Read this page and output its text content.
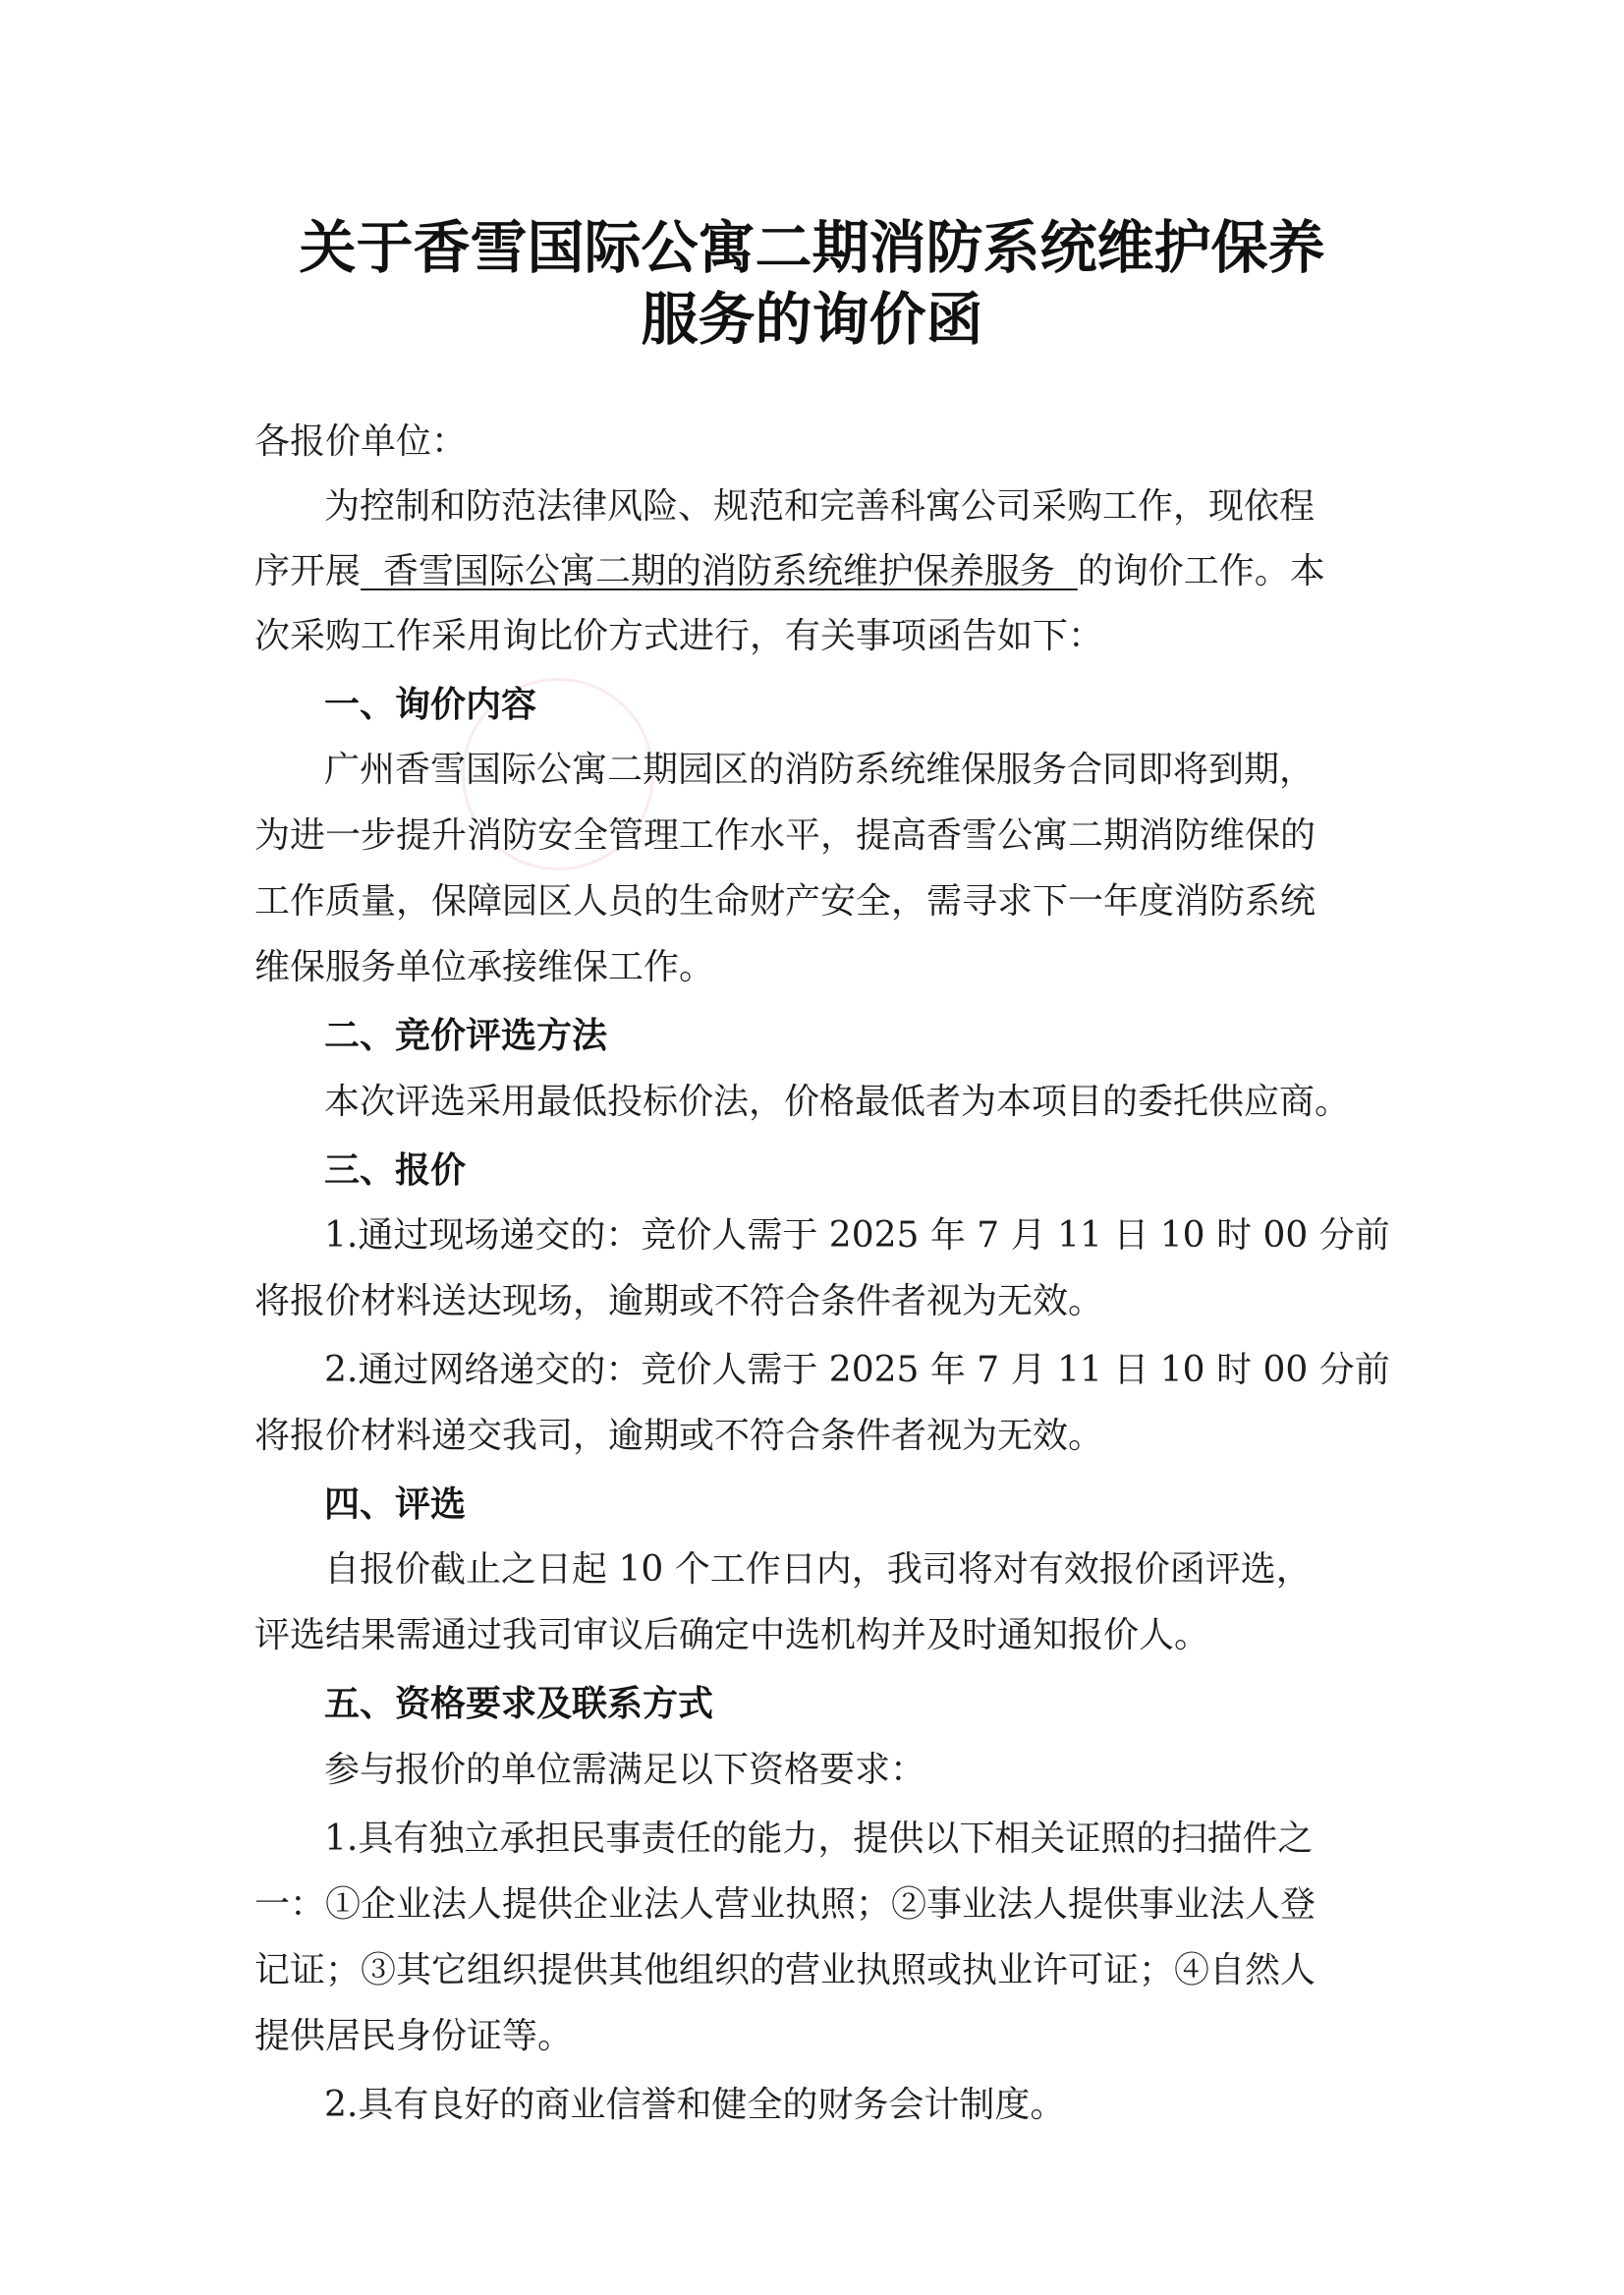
关于香雪国际公寓二期消防系统维护保养
服务的询价函
各报价单位：
为控制和防范法律风险、规范和完善科寓公司采购工作，现依程
序开展  香雪国际公寓二期的消防系统维护保养服务  的询价工作。本
次采购工作采用询比价方式进行，有关事项函告如下：
一、询价内容
广州香雪国际公寓二期园区的消防系统维保服务合同即将到期，
为进一步提升消防安全管理工作水平，提高香雪公寓二期消防维保的
工作质量，保障园区人员的生命财产安全，需寻求下一年度消防系统
维保服务单位承接维保工作。
二、竞价评选方法
本次评选采用最低投标价法，价格最低者为本项目的委托供应商。
三、报价
1.通过现场递交的：竞价人需于 2025 年 7 月 11 日 10 时 00 分前
将报价材料送达现场，逾期或不符合条件者视为无效。
2.通过网络递交的：竞价人需于 2025 年 7 月 11 日 10 时 00 分前
将报价材料递交我司，逾期或不符合条件者视为无效。
四、评选
自报价截止之日起 10 个工作日内，我司将对有效报价函评选，
评选结果需通过我司审议后确定中选机构并及时通知报价人。
五、资格要求及联系方式
参与报价的单位需满足以下资格要求：
1.具有独立承担民事责任的能力，提供以下相关证照的扫描件之
一：①企业法人提供企业法人营业执照；②事业法人提供事业法人登
记证；③其它组织提供其他组织的营业执照或执业许可证；④自然人
提供居民身份证等。
2.具有良好的商业信誉和健全的财务会计制度。
